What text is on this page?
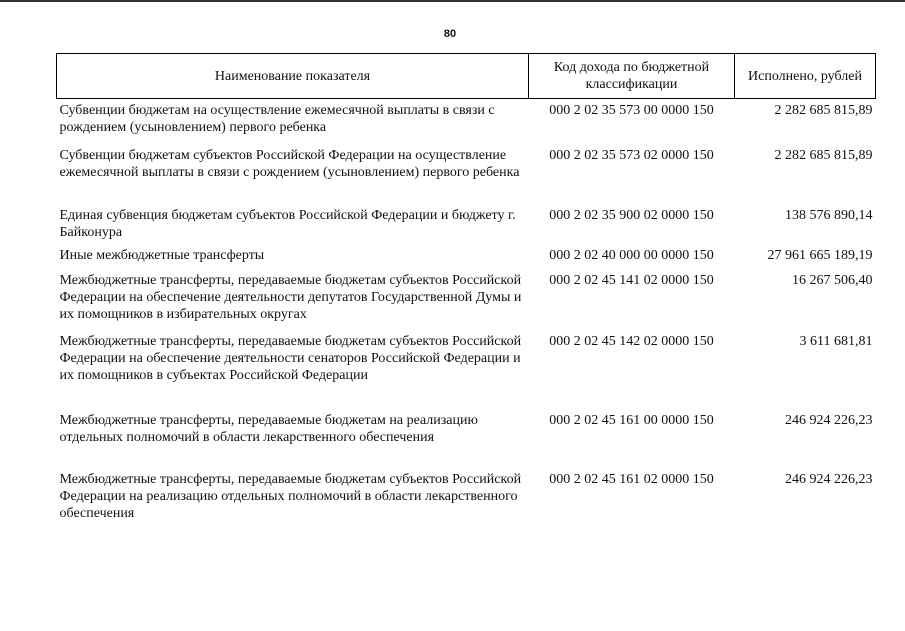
80
Наименование показателя	Код дохода по бюджетной классификации	Исполнено, рублей
Субвенции бюджетам на осуществление ежемесячной выплаты в связи с рождением (усыновлением) первого ребенка	000 2 02 35 573 00 0000 150	2 282 685 815,89
Субвенции бюджетам субъектов Российской Федерации на осуществление ежемесячной выплаты в связи с рождением (усыновлением) первого ребенка	000 2 02 35 573 02 0000 150	2 282 685 815,89
Единая субвенция бюджетам субъектов Российской Федерации и бюджету г. Байконура	000 2 02 35 900 02 0000 150	138 576 890,14
Иные межбюджетные трансферты	000 2 02 40 000 00 0000 150	27 961 665 189,19
Межбюджетные трансферты, передаваемые бюджетам субъектов Российской Федерации на обеспечение деятельности депутатов Государственной Думы и их помощников в избирательных округах	000 2 02 45 141 02 0000 150	16 267 506,40
Межбюджетные трансферты, передаваемые бюджетам субъектов Российской Федерации на обеспечение деятельности сенаторов Российской Федерации и их помощников в субъектах Российской Федерации	000 2 02 45 142 02 0000 150	3 611 681,81
Межбюджетные трансферты, передаваемые бюджетам на реализацию отдельных полномочий в области лекарственного обеспечения	000 2 02 45 161 00 0000 150	246 924 226,23
Межбюджетные трансферты, передаваемые бюджетам субъектов Российской Федерации на реализацию отдельных полномочий в области лекарственного обеспечения	000 2 02 45 161 02 0000 150	246 924 226,23
